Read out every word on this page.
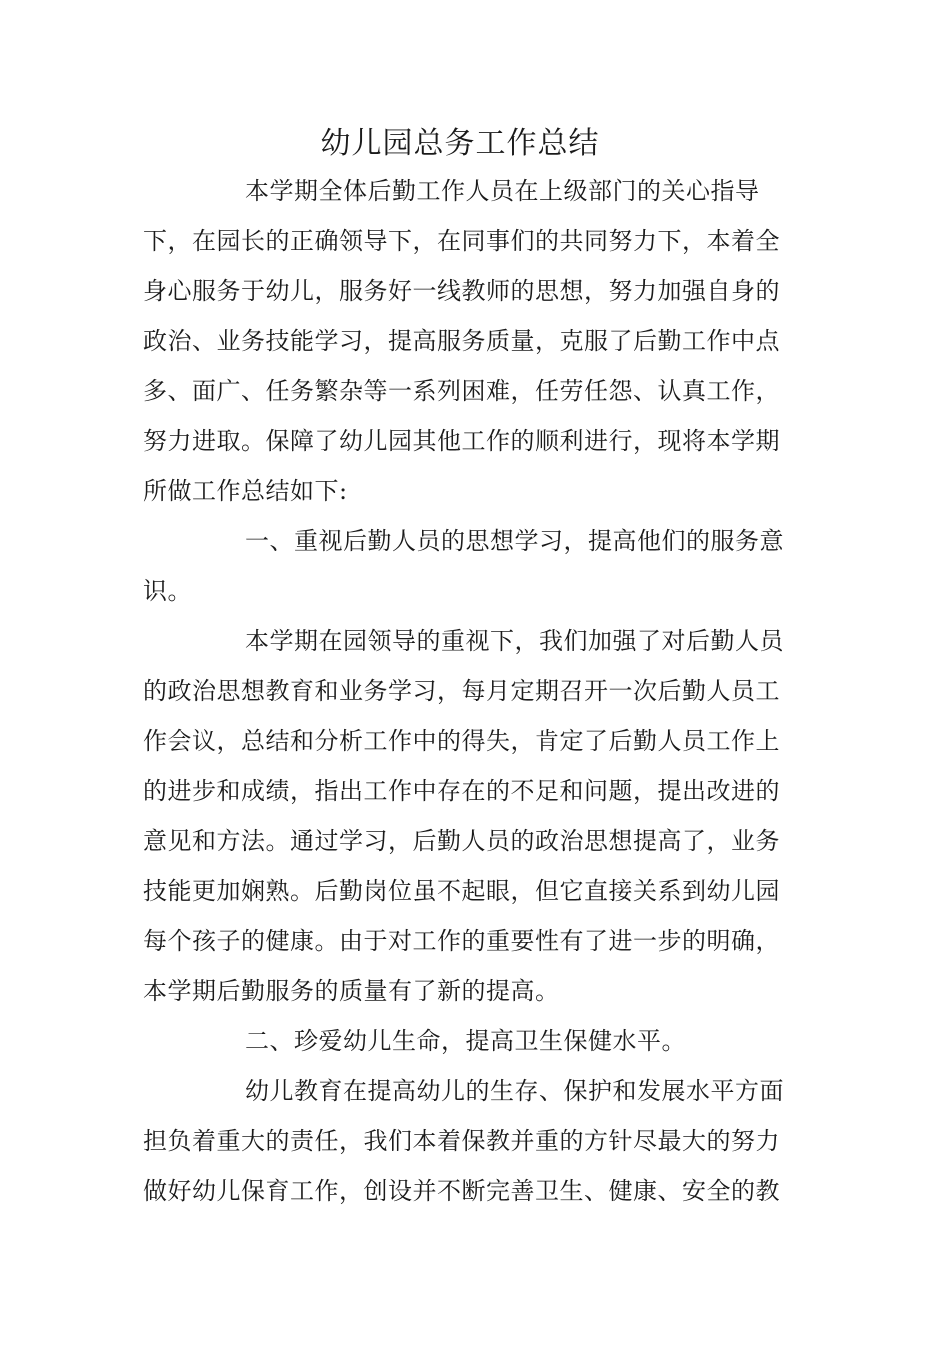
幼儿园总务工作总结
本学期全体后勤工作人员在上级部门的关心指导
下，在园长的正确领导下，在同事们的共同努力下，本着全
身心服务于幼儿，服务好一线教师的思想，努力加强自身的
政治、业务技能学习，提高服务质量，克服了后勤工作中点
多、面广、任务繁杂等一系列困难，任劳任怨、认真工作，
努力进取。保障了幼儿园其他工作的顺利进行，现将本学期
所做工作总结如下:
一、重视后勤人员的思想学习，提高他们的服务意
识。
本学期在园领导的重视下，我们加强了对后勤人员
的政治思想教育和业务学习，每月定期召开一次后勤人员工
作会议，总结和分析工作中的得失，肯定了后勤人员工作上
的进步和成绩，指出工作中存在的不足和问题，提出改进的
意见和方法。通过学习，后勤人员的政治思想提高了，业务
技能更加娴熟。后勤岗位虽不起眼，但它直接关系到幼儿园
每个孩子的健康。由于对工作的重要性有了进一步的明确，
本学期后勤服务的质量有了新的提高。
二、珍爱幼儿生命，提高卫生保健水平。
幼儿教育在提高幼儿的生存、保护和发展水平方面
担负着重大的责任，我们本着保教并重的方针尽最大的努力
做好幼儿保育工作，创设并不断完善卫生、健康、安全的教
